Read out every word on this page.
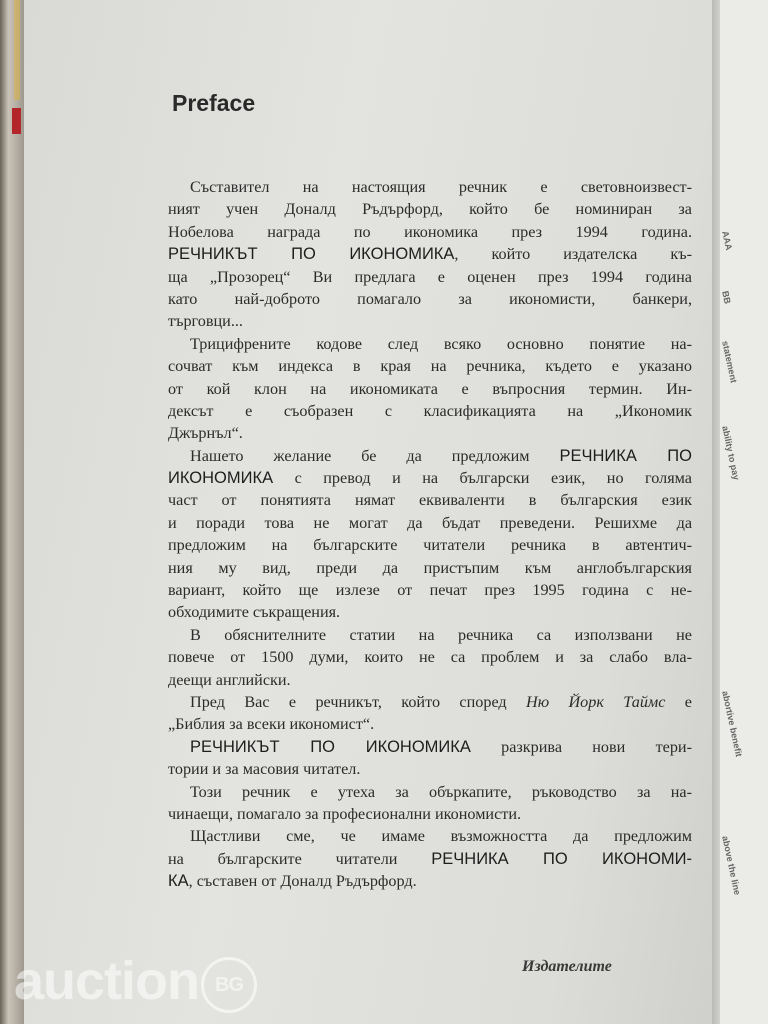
AAA
BB
statement
ability to pay
abortive benefit
above the line
Preface
Съставител на настоящия речник е световноизвест-
ният учен Доналд Ръдърфорд, който бе номиниран за
Нобелова награда по икономика през 1994 година.
РЕЧНИКЪТ ПО ИКОНОМИКА, който издателска къ-
ща „Прозорец“ Ви предлага е оценен през 1994 година
като най-доброто помагало за икономисти, банкери,
търговци...
Трицифрените кодове след всяко основно понятие на-
сочват към индекса в края на речника, където е указано
от кой клон на икономиката е въпросния термин. Ин-
дексът е съобразен с класификацията на „Икономик
Джърнъл“.
Нашето желание бе да предложим РЕЧНИКА ПО
ИКОНОМИКА с превод и на български език, но голяма
част от понятията нямат еквиваленти в българския език
и поради това не могат да бъдат преведени. Решихме да
предложим на българските читатели речника в автентич-
ния му вид, преди да пристъпим към англобългарския
вариант, който ще излезе от печат през 1995 година с не-
обходимите съкращения.
В обяснителните статии на речника са използвани не
повече от 1500 думи, които не са проблем и за слабо вла-
деещи английски.
Пред Вас е речникът, който според Ню Йорк Таймс е
„Библия за всеки икономист“.
РЕЧНИКЪТ ПО ИКОНОМИКА разкрива нови тери-
тории и за масовия читател.
Този речник е утеха за объркапите, ръководство за на-
чинаещи, помагало за професионални икономисти.
Щастливи сме, че имаме възможността да предложим
на българските читатели РЕЧНИКА ПО ИКОНОМИ-
КА, съставен от Доналд Ръдърфорд.
Издателите
auction BG
